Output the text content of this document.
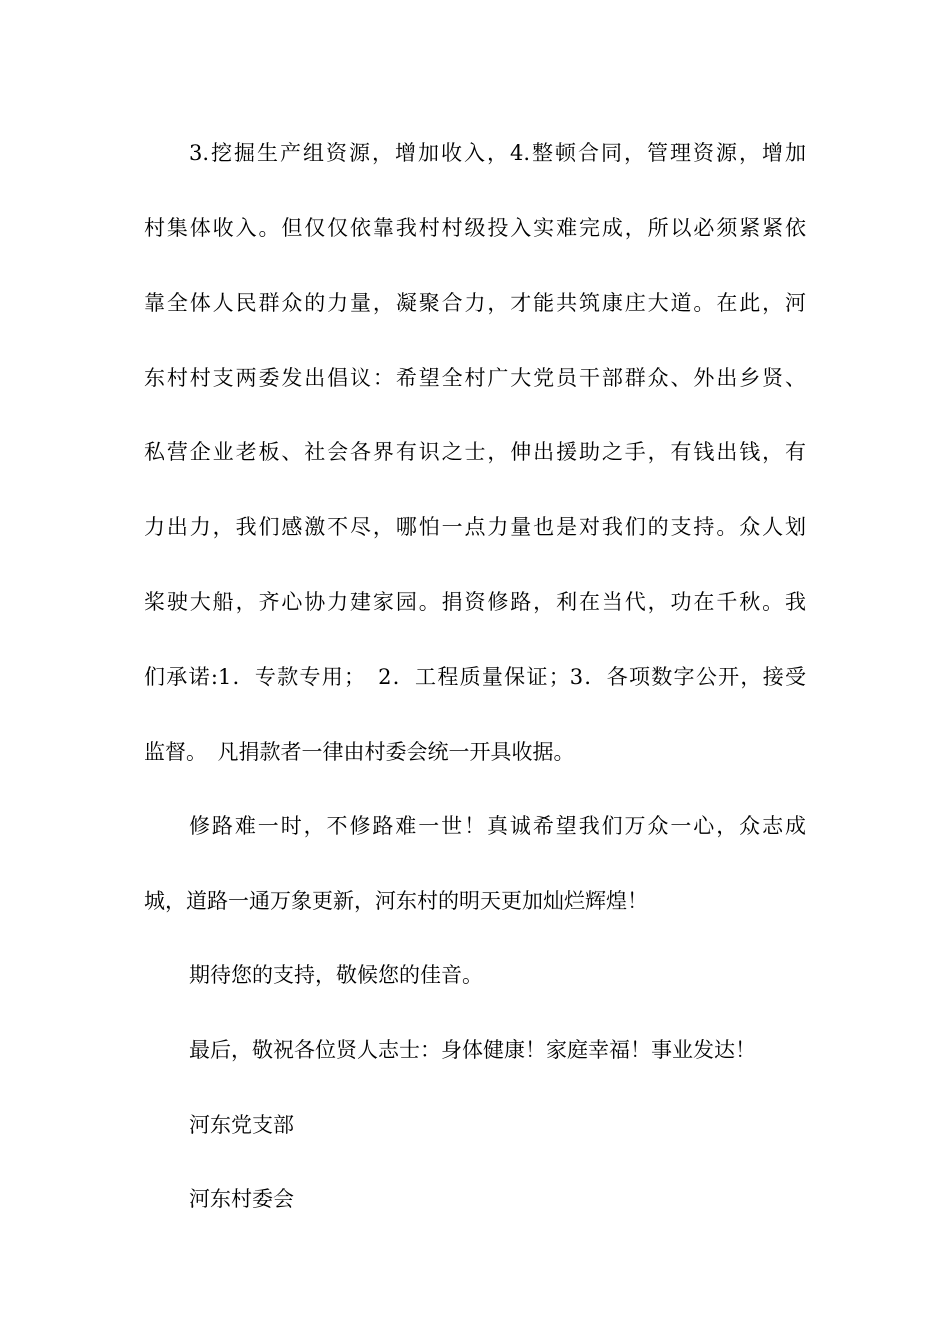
3.挖掘生产组资源，增加收入，4.整顿合同，管理资源，增加
村集体收入。但仅仅依靠我村村级投入实难完成，所以必须紧紧依
靠全体人民群众的力量，凝聚合力，才能共筑康庄大道。在此，河
东村村支两委发出倡议：希望全村广大党员干部群众、外出乡贤、
私营企业老板、社会各界有识之士，伸出援助之手，有钱出钱，有
力出力，我们感激不尽，哪怕一点力量也是对我们的支持。众人划
桨驶大船，齐心协力建家园。捐资修路，利在当代，功在千秋。我
们承诺:1．专款专用；　2．工程质量保证；3．各项数字公开，接受
监督。　凡捐款者一律由村委会统一开具收据。
修路难一时，不修路难一世！真诚希望我们万众一心，众志成
城，道路一通万象更新，河东村的明天更加灿烂辉煌！
期待您的支持，敬候您的佳音。
最后，敬祝各位贤人志士：身体健康！家庭幸福！事业发达！
河东党支部
河东村委会
